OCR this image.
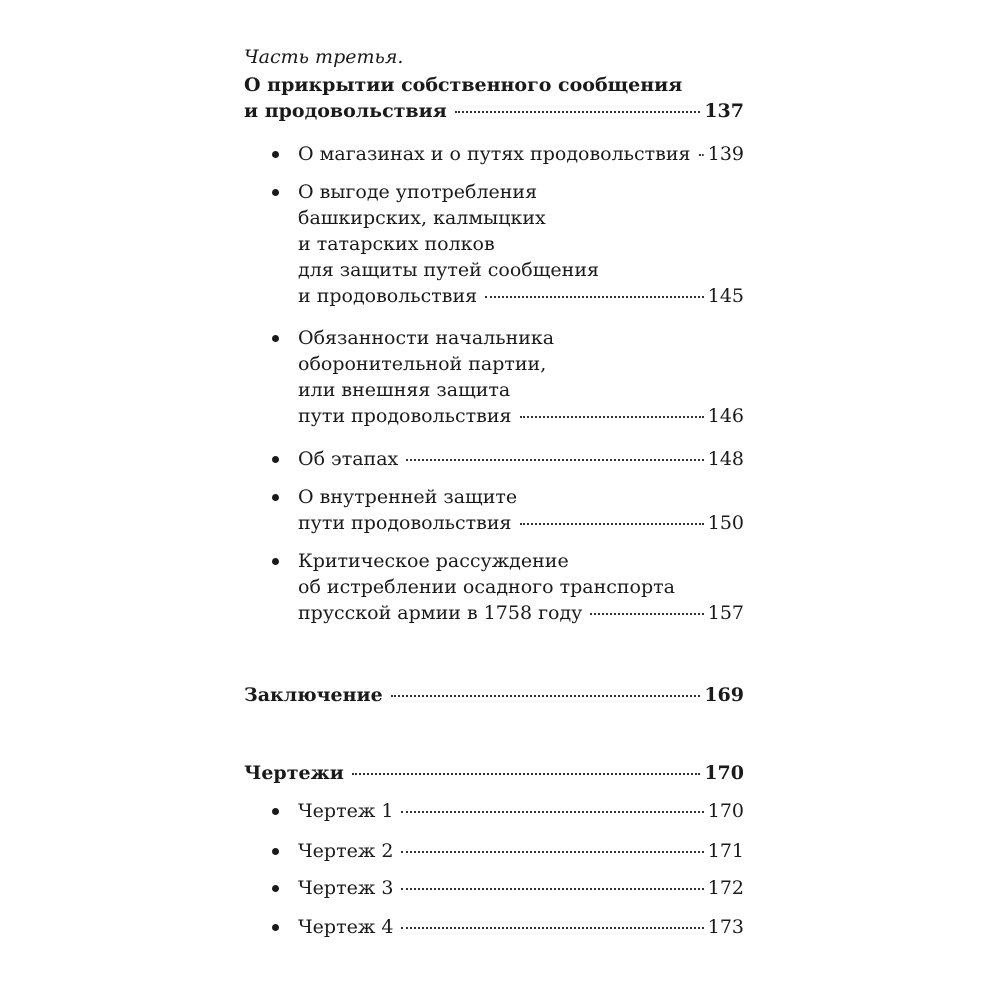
Часть третья.
О прикрытии собственного сообщения
и продовольствия	137
О магазинах и о путях продовольствия 139
О выгоде употребления
башкирских, калмыцких
и татарских полков
для защиты путей сообщения
и продовольствия	145
Обязанности начальника
оборонительной партии,
или внешняя защита
пути продовольствия	146
Об этапах	148
О внутренней защите
пути продовольствия	150
Критическое рассуждение
об истреблении осадного транспорта
прусской армии в 1758 году	157
Заключение	169
Чертежи	170
Чертеж 1	170
Чертеж 2	171
Чертеж 3	172
Чертеж 4	173
